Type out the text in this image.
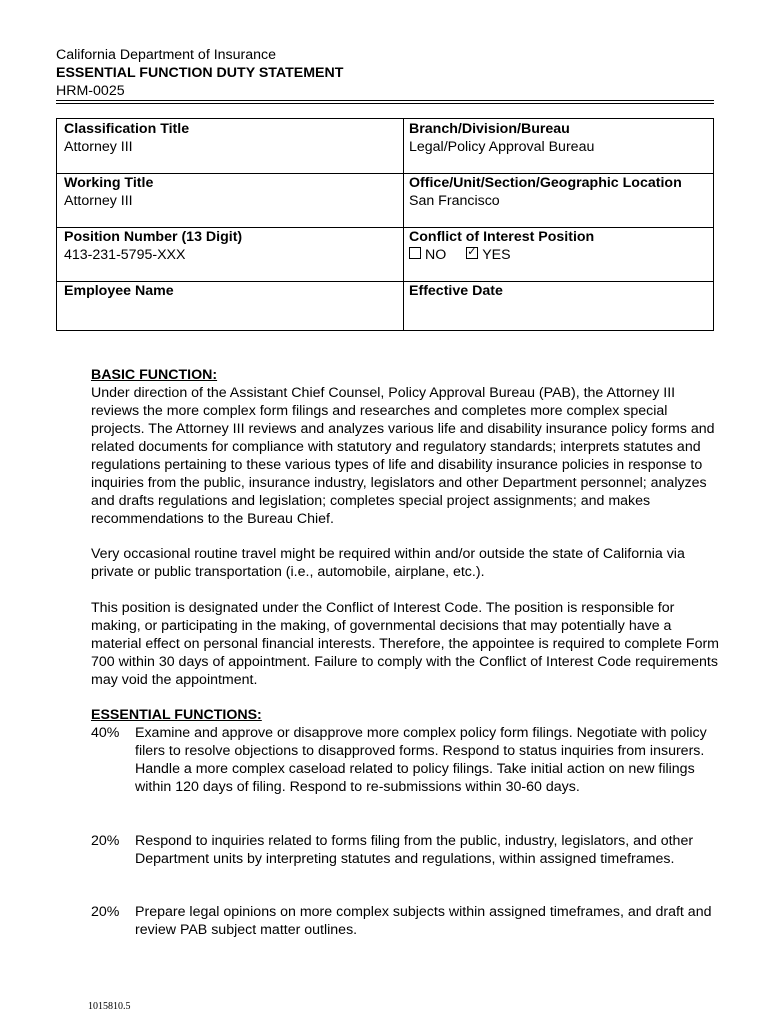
California Department of Insurance
ESSENTIAL FUNCTION DUTY STATEMENT
HRM-0025
Classification Title
Attorney III
Branch/Division/Bureau
Legal/Policy Approval Bureau
Working Title
Attorney III
Office/Unit/Section/Geographic Location
San Francisco
Position Number (13 Digit)
413-231-5795-XXX
Conflict of Interest Position
NO  ✓	YES
Employee Name	Effective Date
BASIC FUNCTION:

Under direction of the Assistant Chief Counsel, Policy Approval Bureau (PAB), the Attorney III reviews the more complex form filings and researches and completes more complex special projects. The Attorney III reviews and analyzes various life and disability insurance policy forms and related documents for compliance with statutory and regulatory standards; interprets statutes and regulations pertaining to these various types of life and disability insurance policies in response to inquiries from the public, insurance industry, legislators and other Department personnel; analyzes and drafts regulations and legislation; completes special project assignments; and makes recommendations to the Bureau Chief.

Very occasional routine travel might be required within and/or outside the state of California via private or public transportation (i.e., automobile, airplane, etc.).

This position is designated under the Conflict of Interest Code. The position is responsible for making, or participating in the making, of governmental decisions that may potentially have a material effect on personal financial interests. Therefore, the appointee is required to complete Form 700 within 30 days of appointment. Failure to comply with the Conflict of Interest Code requirements may void the appointment.

ESSENTIAL FUNCTIONS:
40% Examine and approve or disapprove more complex policy form filings. Negotiate with policy filers to resolve objections to disapproved forms. Respond to status inquiries from insurers. Handle a more complex caseload related to policy filings. Take initial action on new filings within 120 days of filing. Respond to re-submissions within 30-60 days.
20% Respond to inquiries related to forms filing from the public, industry, legislators, and other Department units by interpreting statutes and regulations, within assigned timeframes.
20% Prepare legal opinions on more complex subjects within assigned timeframes, and draft and review PAB subject matter outlines.
1015810.5
